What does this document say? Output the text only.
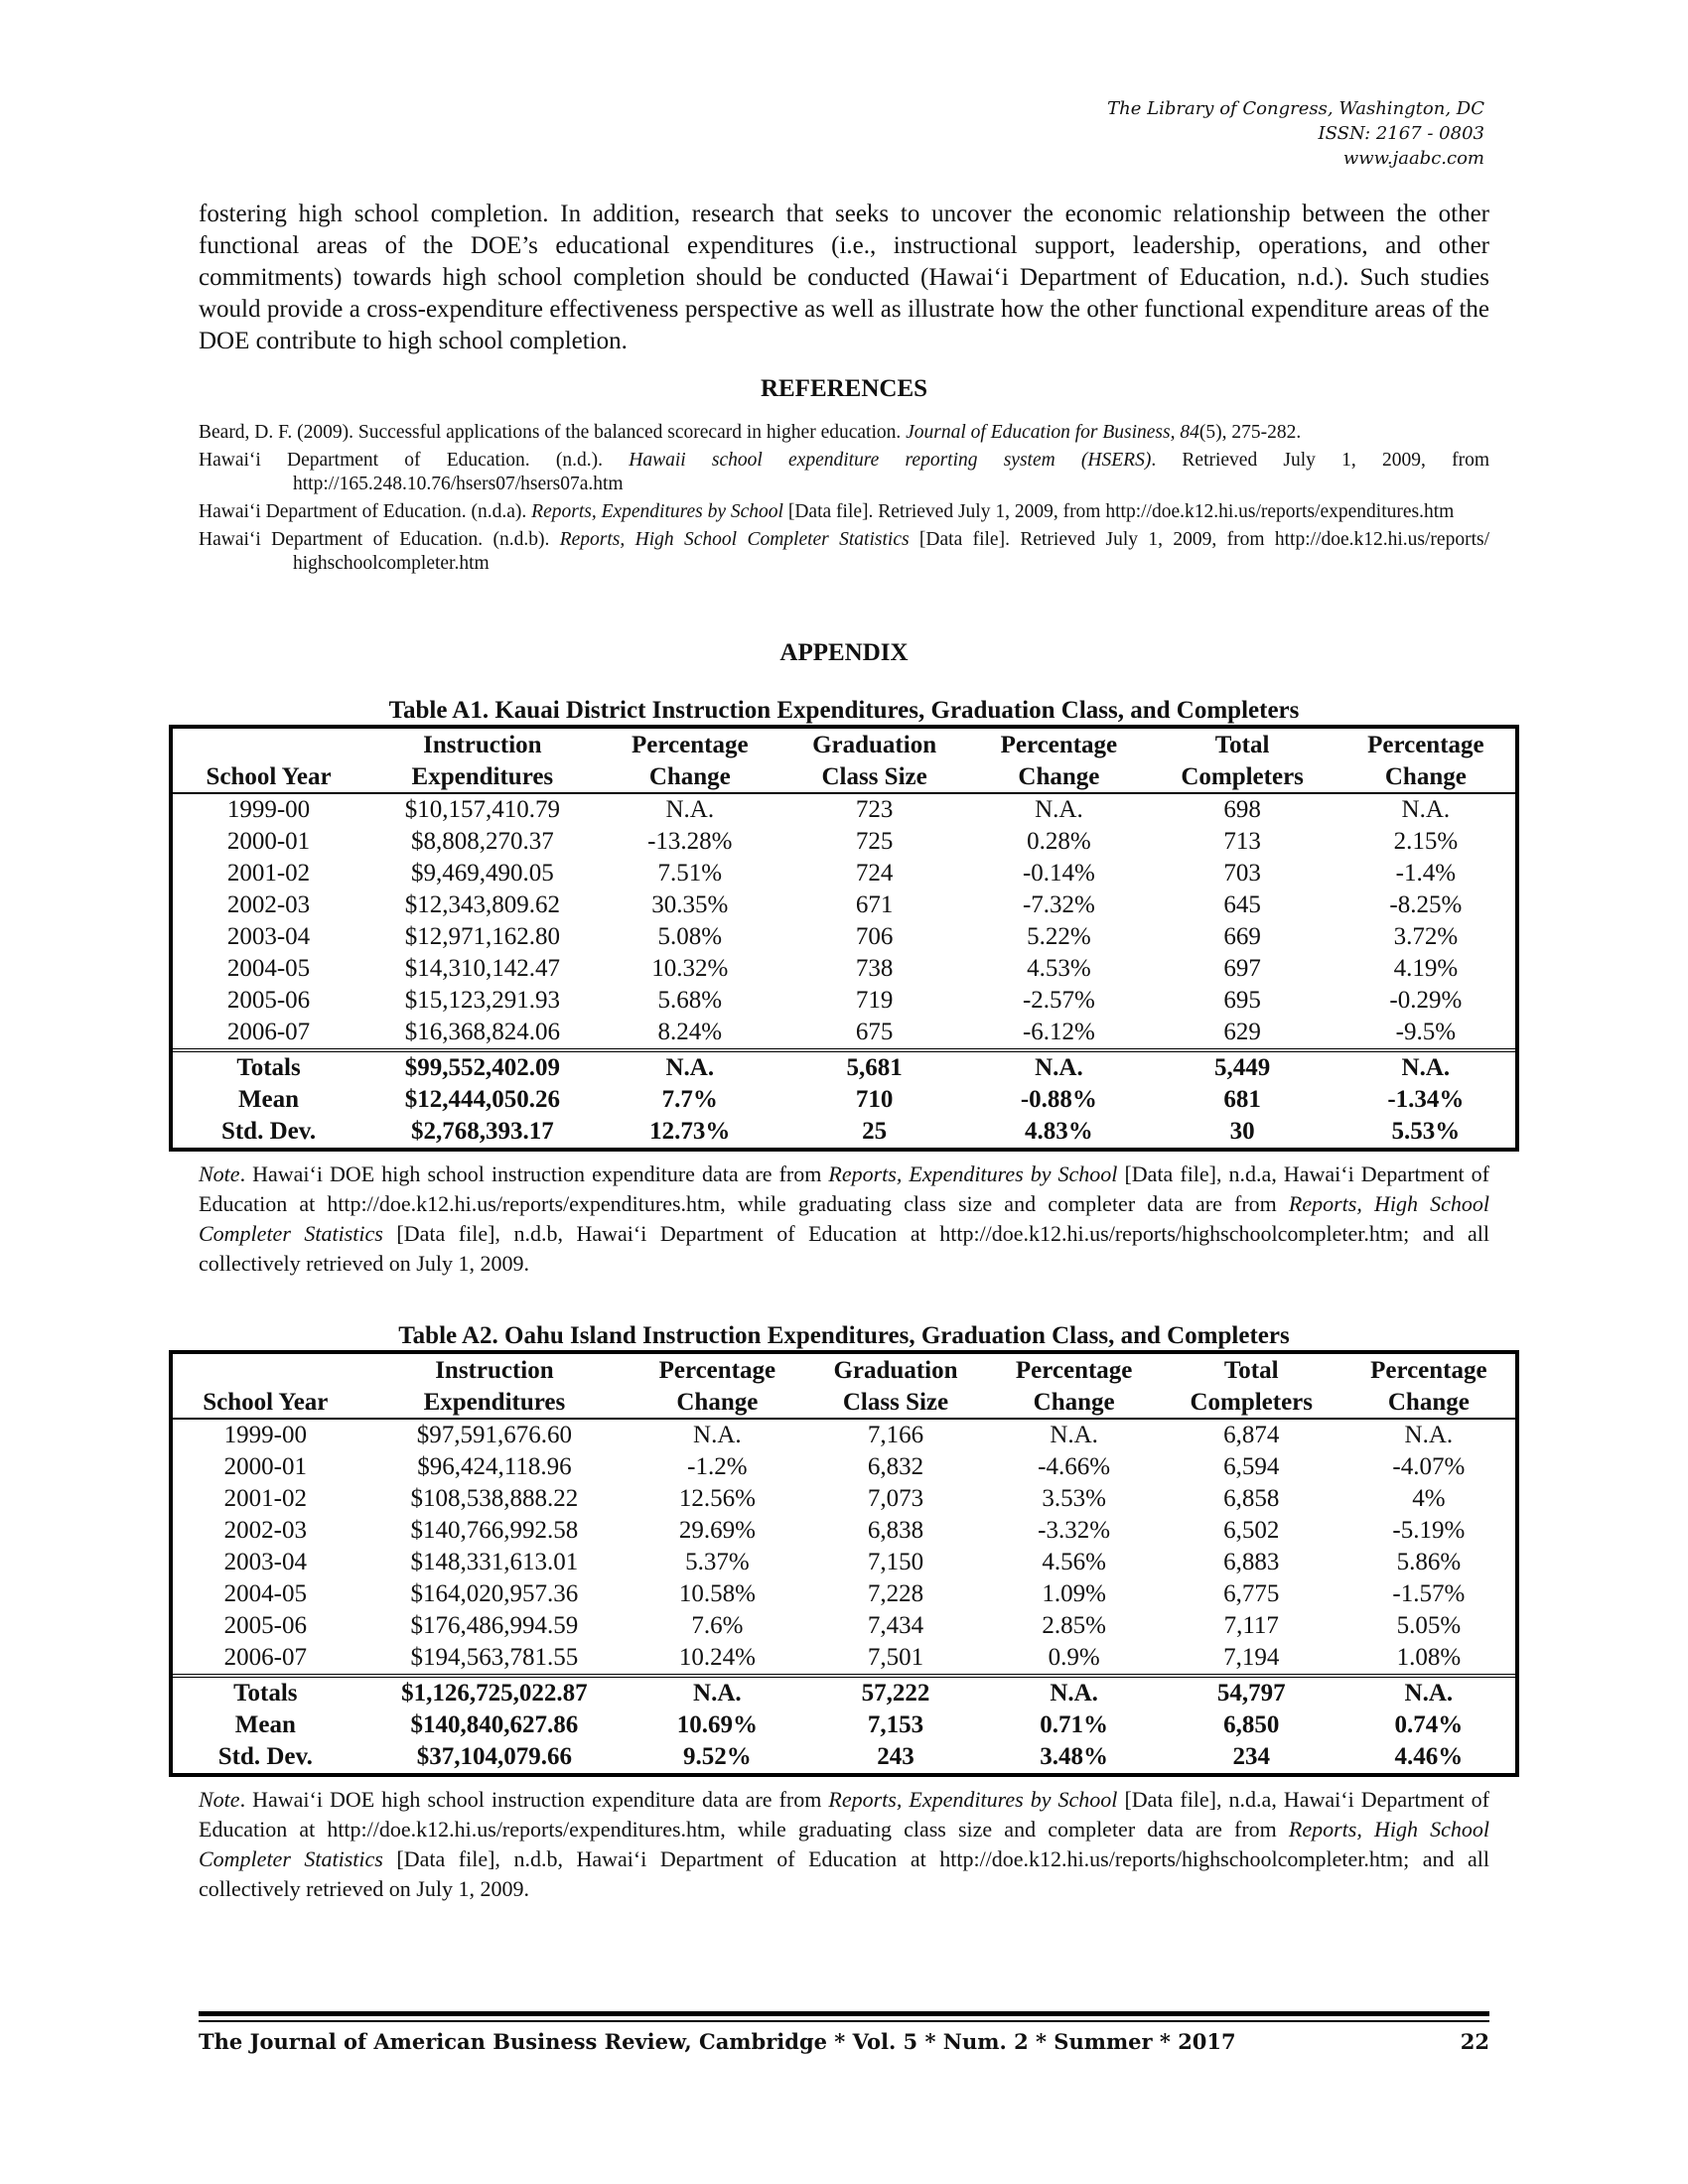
The Library of Congress, Washington, DC
ISSN: 2167 - 0803
www.jaabc.com

fostering high school completion. In addition, research that seeks to uncover the economic relationship between the other functional areas of the DOE’s educational expenditures (i.e., instructional support, leadership, operations, and other commitments) towards high school completion should be conducted (Hawai‘i Department of Education, n.d.). Such studies would provide a cross-expenditure effectiveness perspective as well as illustrate how the other functional expenditure areas of the DOE contribute to high school completion.

REFERENCES
Beard, D. F. (2009). Successful applications of the balanced scorecard in higher education. Journal of Education for Business, 84(5), 275-282.
Hawai‘i Department of Education. (n.d.). Hawaii school expenditure reporting system (HSERS). Retrieved July 1, 2009, from http://165.248.10.76/hsers07/hsers07a.htm
Hawai‘i Department of Education. (n.d.a). Reports, Expenditures by School [Data file]. Retrieved July 1, 2009, from http://doe.k12.hi.us/reports/expenditures.htm
Hawai‘i Department of Education. (n.d.b). Reports, High School Completer Statistics [Data file]. Retrieved July 1, 2009, from http://doe.k12.hi.us/reports/ highschoolcompleter.htm
APPENDIX
Table A1. Kauai District Instruction Expenditures, Graduation Class, and Completers
	Instruction	Percentage	Graduation	Percentage	Total	Percentage
School Year	Expenditures	Change	Class Size	Change	Completers	Change
1999-00	$10,157,410.79	N.A.	723	N.A.	698	N.A.
2000-01	$8,808,270.37	-13.28%	725	0.28%	713	2.15%
2001-02	$9,469,490.05	7.51%	724	-0.14%	703	-1.4%
2002-03	$12,343,809.62	30.35%	671	-7.32%	645	-8.25%
2003-04	$12,971,162.80	5.08%	706	5.22%	669	3.72%
2004-05	$14,310,142.47	10.32%	738	4.53%	697	4.19%
2005-06	$15,123,291.93	5.68%	719	-2.57%	695	-0.29%
2006-07	$16,368,824.06	8.24%	675	-6.12%	629	-9.5%
Totals	$99,552,402.09	N.A.	5,681	N.A.	5,449	N.A.
Mean	$12,444,050.26	7.7%	710	-0.88%	681	-1.34%
Std. Dev.	$2,768,393.17	12.73%	25	4.83%	30	5.53%

Note. Hawai‘i DOE high school instruction expenditure data are from Reports, Expenditures by School [Data file], n.d.a, Hawai‘i Department of Education at http://doe.k12.hi.us/reports/expenditures.htm, while graduating class size and completer data are from Reports, High School Completer Statistics [Data file], n.d.b, Hawai‘i Department of Education at http://doe.k12.hi.us/reports/highschoolcompleter.htm; and all collectively retrieved on July 1, 2009.

Table A2. Oahu Island Instruction Expenditures, Graduation Class, and Completers
	Instruction	Percentage	Graduation	Percentage	Total	Percentage
School Year	Expenditures	Change	Class Size	Change	Completers	Change
1999-00	$97,591,676.60	N.A.	7,166	N.A.	6,874	N.A.
2000-01	$96,424,118.96	-1.2%	6,832	-4.66%	6,594	-4.07%
2001-02	$108,538,888.22	12.56%	7,073	3.53%	6,858	4%
2002-03	$140,766,992.58	29.69%	6,838	-3.32%	6,502	-5.19%
2003-04	$148,331,613.01	5.37%	7,150	4.56%	6,883	5.86%
2004-05	$164,020,957.36	10.58%	7,228	1.09%	6,775	-1.57%
2005-06	$176,486,994.59	7.6%	7,434	2.85%	7,117	5.05%
2006-07	$194,563,781.55	10.24%	7,501	0.9%	7,194	1.08%
Totals	$1,126,725,022.87	N.A.	57,222	N.A.	54,797	N.A.
Mean	$140,840,627.86	10.69%	7,153	0.71%	6,850	0.74%
Std. Dev.	$37,104,079.66	9.52%	243	3.48%	234	4.46%

Note. Hawai‘i DOE high school instruction expenditure data are from Reports, Expenditures by School [Data file], n.d.a, Hawai‘i Department of Education at http://doe.k12.hi.us/reports/expenditures.htm, while graduating class size and completer data are from Reports, High School Completer Statistics [Data file], n.d.b, Hawai‘i Department of Education at http://doe.k12.hi.us/reports/highschoolcompleter.htm; and all collectively retrieved on July 1, 2009.

The Journal of American Business Review, Cambridge * Vol. 5 * Num. 2 * Summer * 2017	22
